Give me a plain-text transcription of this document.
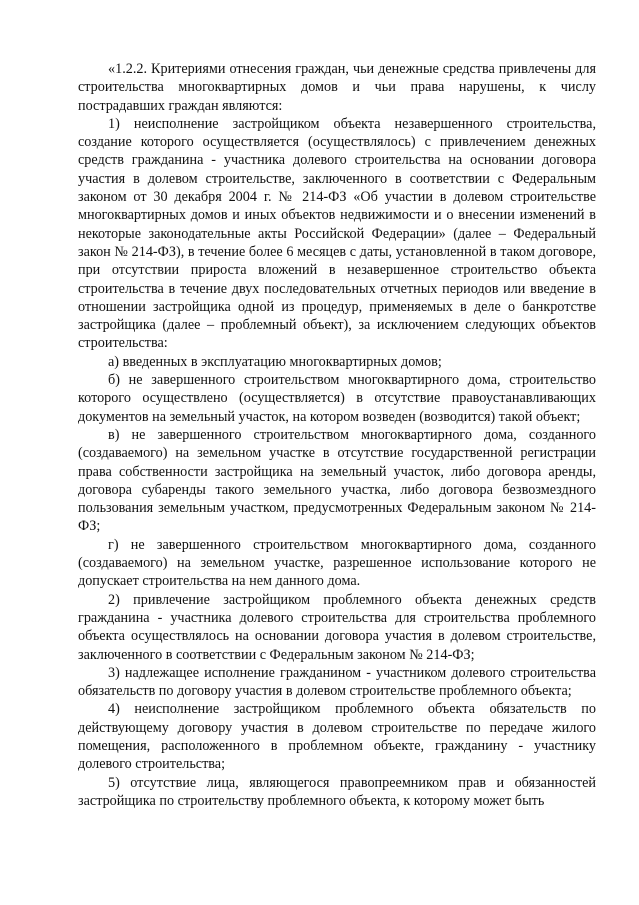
«1.2.2. Критериями отнесения граждан, чьи денежные средства привлечены для строительства многоквартирных домов и чьи права нарушены, к числу пострадавших граждан являются:

1) неисполнение застройщиком объекта незавершенного строительства, создание которого осуществляется (осуществлялось) с привлечением денежных средств гражданина - участника долевого строительства на основании договора участия в долевом строительстве, заключенного в соответствии с Федеральным законом от 30 декабря 2004 г. № 214-ФЗ «Об участии в долевом строительстве многоквартирных домов и иных объектов недвижимости и о внесении изменений в некоторые законодательные акты Российской Федерации» (далее – Федеральный закон № 214-ФЗ), в течение более 6 месяцев с даты, установленной в таком договоре, при отсутствии прироста вложений в незавершенное строительство объекта строительства в течение двух последовательных отчетных периодов или введение в отношении застройщика одной из процедур, применяемых в деле о банкротстве застройщика (далее – проблемный объект), за исключением следующих объектов строительства:

а) введенных в эксплуатацию многоквартирных домов;

б) не завершенного строительством многоквартирного дома, строительство которого осуществлено (осуществляется) в отсутствие правоустанавливающих документов на земельный участок, на котором возведен (возводится) такой объект;

в) не завершенного строительством многоквартирного дома, созданного (создаваемого) на земельном участке в отсутствие государственной регистрации права собственности застройщика на земельный участок, либо договора аренды, договора субаренды такого земельного участка, либо договора безвозмездного пользования земельным участком, предусмотренных Федеральным законом № 214-ФЗ;

г) не завершенного строительством многоквартирного дома, созданного (создаваемого) на земельном участке, разрешенное использование которого не допускает строительства на нем данного дома.

2) привлечение застройщиком проблемного объекта денежных средств гражданина - участника долевого строительства для строительства проблемного объекта осуществлялось на основании договора участия в долевом строительстве, заключенного в соответствии с Федеральным законом № 214-ФЗ;

3) надлежащее исполнение гражданином - участником долевого строительства обязательств по договору участия в долевом строительстве проблемного объекта;

4) неисполнение застройщиком проблемного объекта обязательств по действующему договору участия в долевом строительстве по передаче жилого помещения, расположенного в проблемном объекте, гражданину - участнику долевого строительства;

5) отсутствие лица, являющегося правопреемником прав и обязанностей застройщика по строительству проблемного объекта, к которому может быть
